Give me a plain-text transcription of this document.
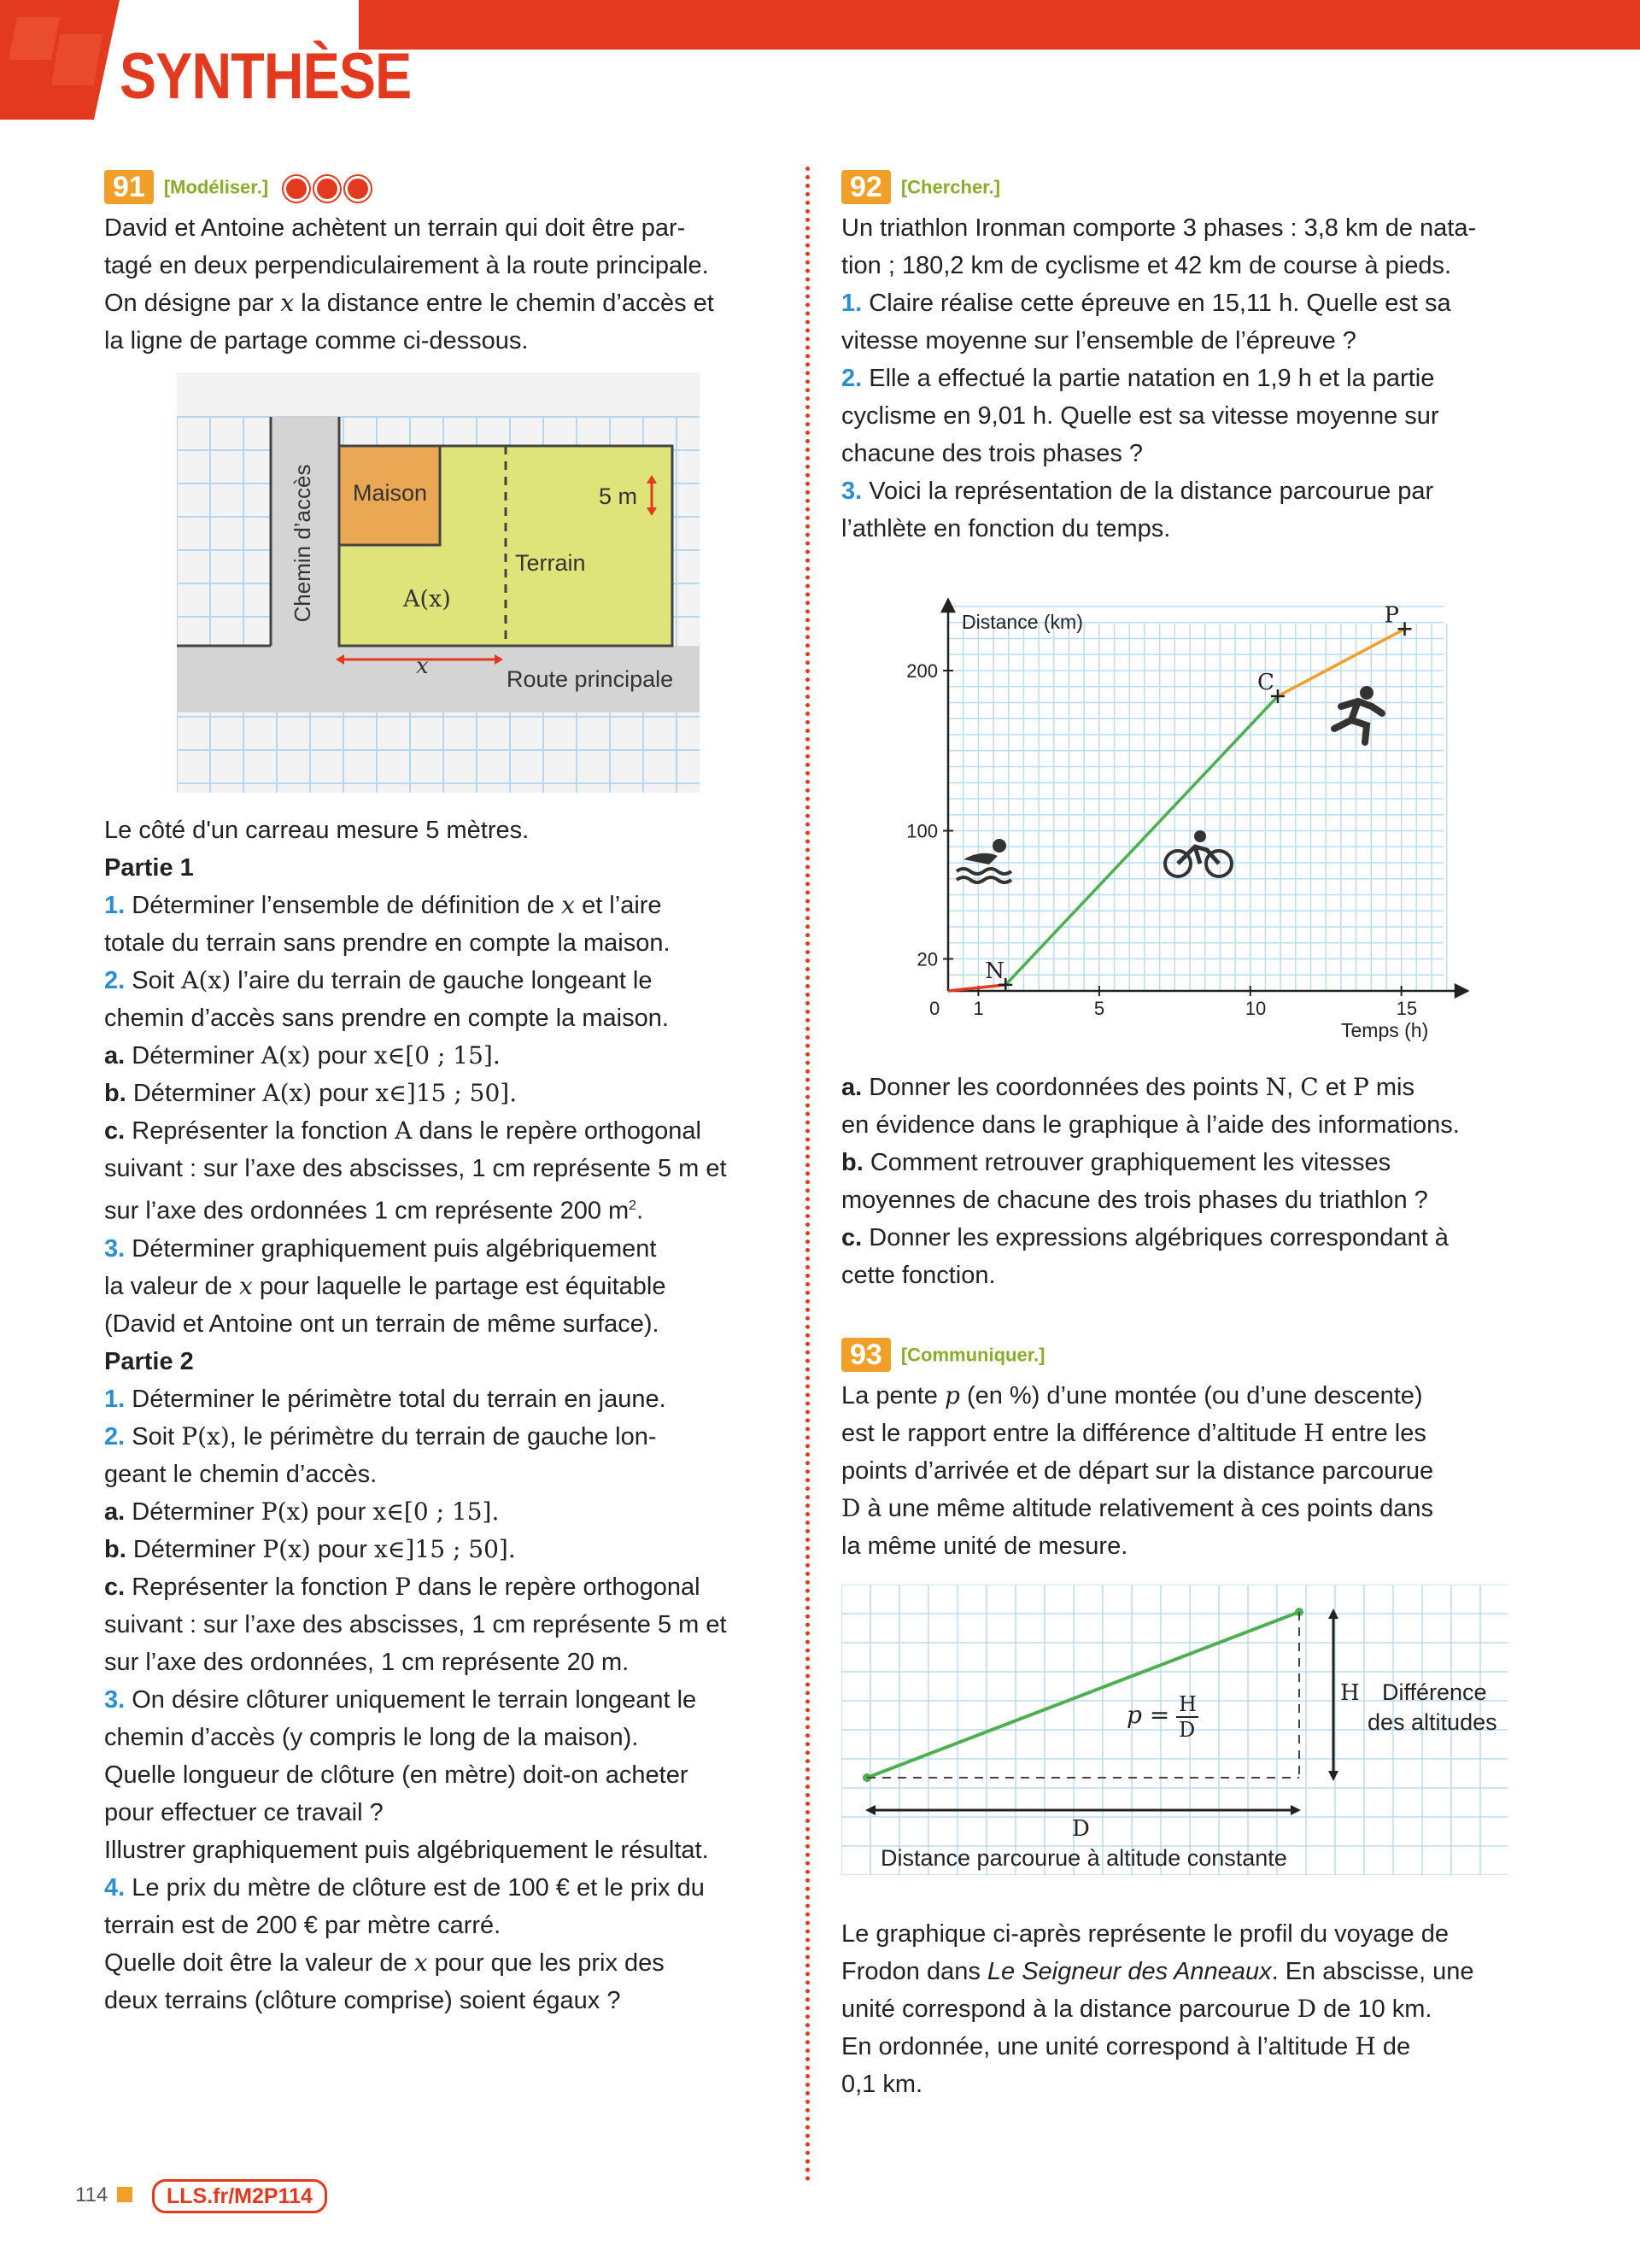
SYNTHÈSE

91 [Modéliser.]

David et Antoine achètent un terrain qui doit être par-

tagé en deux perpendiculairement à la route principale.

On désigne par x la distance entre le chemin d’accès et

la ligne de partage comme ci-dessous.

Chemin d’accès Maison	5 m
Terrain
A(x)
x	Route principale

Le côté d'un carreau mesure 5 mètres.

Partie 1

1. Déterminer l’ensemble de définition de x et l’aire

totale du terrain sans prendre en compte la maison.

2. Soit A(x) l’aire du terrain de gauche longeant le

chemin d’accès sans prendre en compte la maison.

a. Déterminer A(x) pour x∈[0 ; 15].

b. Déterminer A(x) pour x∈]15 ; 50].

c. Représenter la fonction A dans le repère orthogonal

suivant : sur l’axe des abscisses, 1 cm représente 5 m et

sur l’axe des ordonnées 1 cm représente 200 $m^2$.

3. Déterminer graphiquement puis algébriquement

la valeur de x pour laquelle le partage est équitable

(David et Antoine ont un terrain de même surface).

Partie 2

1. Déterminer le périmètre total du terrain en jaune.

2. Soit P(x), le périmètre du terrain de gauche lon-

geant le chemin d’accès.

a. Déterminer P(x) pour x∈[0 ; 15].

b. Déterminer P(x) pour x∈]15 ; 50].

c. Représenter la fonction P dans le repère orthogonal

suivant : sur l’axe des abscisses, 1 cm représente 5 m et

sur l’axe des ordonnées, 1 cm représente 20 m.

3. On désire clôturer uniquement le terrain longeant le

chemin d’accès (y compris le long de la maison).

Quelle longueur de clôture (en mètre) doit-on acheter

pour effectuer ce travail ?

Illustrer graphiquement puis algébriquement le résultat.

4. Le prix du mètre de clôture est de 100 € et le prix du

terrain est de 200 € par mètre carré.

Quelle doit être la valeur de x pour que les prix des

deux terrains (clôture comprise) soient égaux ?

92 [Chercher.]

Un triathlon Ironman comporte 3 phases : 3,8 km de nata-

tion ; 180,2 km de cyclisme et 42 km de course à pieds.

1. Claire réalise cette épreuve en 15,11 h. Quelle est sa

vitesse moyenne sur l’ensemble de l’épreuve ?

2. Elle a effectué la partie natation en 1,9 h et la partie

cyclisme en 9,01 h. Quelle est sa vitesse moyenne sur

chacune des trois phases ?

3. Voici la représentation de la distance parcourue par

l’athlète en fonction du temps.

0 1	5	10	15
20
100
200
N
C
P
Temps (h)
Distance (km)

a. Donner les coordonnées des points N, C et P mis

en évidence dans le graphique à l’aide des informations.

b. Comment retrouver graphiquement les vitesses

moyennes de chacune des trois phases du triathlon ?

c. Donner les expressions algébriques correspondant à

cette fonction.

93 [Communiquer.]

La pente p (en %) d’une montée (ou d’une descente)

est le rapport entre la différence d’altitude H entre les

points d’arrivée et de départ sur la distance parcourue

D à une même altitude relativement à ces points dans

la même unité de mesure.

p = H
D
H Différence
des altitudes
D
Distance parcourue à altitude constante

Le graphique ci-après représente le profil du voyage de

Frodon dans Le Seigneur des Anneaux. En abscisse, une

unité correspond à la distance parcourue D de 10 km.

En ordonnée, une unité correspond à l’altitude H de

0,1 km.

114	LLS.fr/M2P114
